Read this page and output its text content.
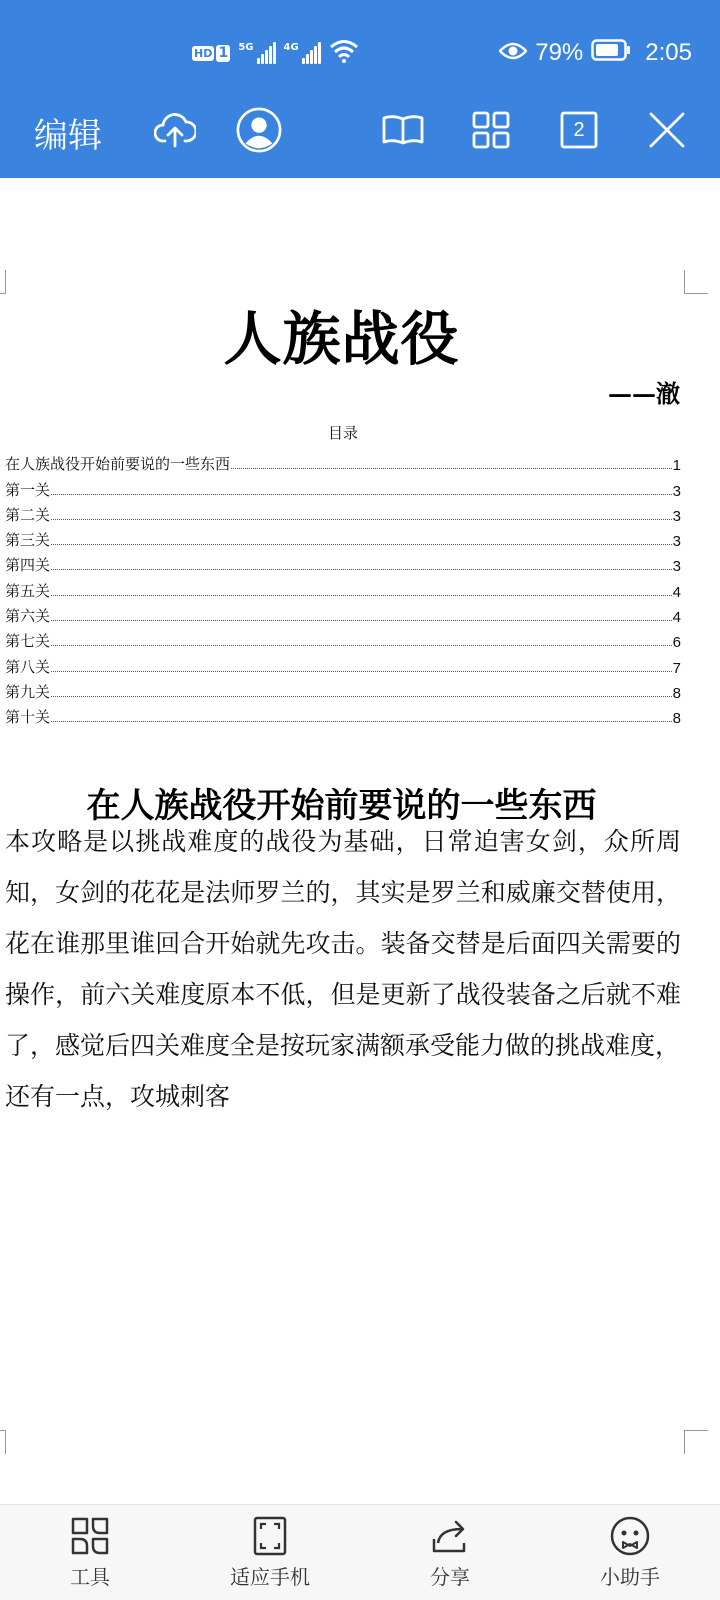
HD 1 5G	4G	79%	2:05
编辑	2
人族战役
——澈
目录
在人族战役开始前要说的一些东西	1
第一关	3
第二关	3
第三关	3
第四关	3
第五关	4
第六关	4
第七关	6
第八关	7
第九关	8
第十关	8
在人族战役开始前要说的一些东西

本攻略是以挑战难度的战役为基础，日常迫害女剑，众所周知，女剑的花花是法师罗兰的，其实是罗兰和威廉交替使用，花在谁那里谁回合开始就先攻击。装备交替是后面四关需要的操作，前六关难度原本不低，但是更新了战役装备之后就不难了，感觉后四关难度全是按玩家满额承受能力做的挑战难度，

还有一点，攻城刺客

工具	适应手机	分享	小助手
